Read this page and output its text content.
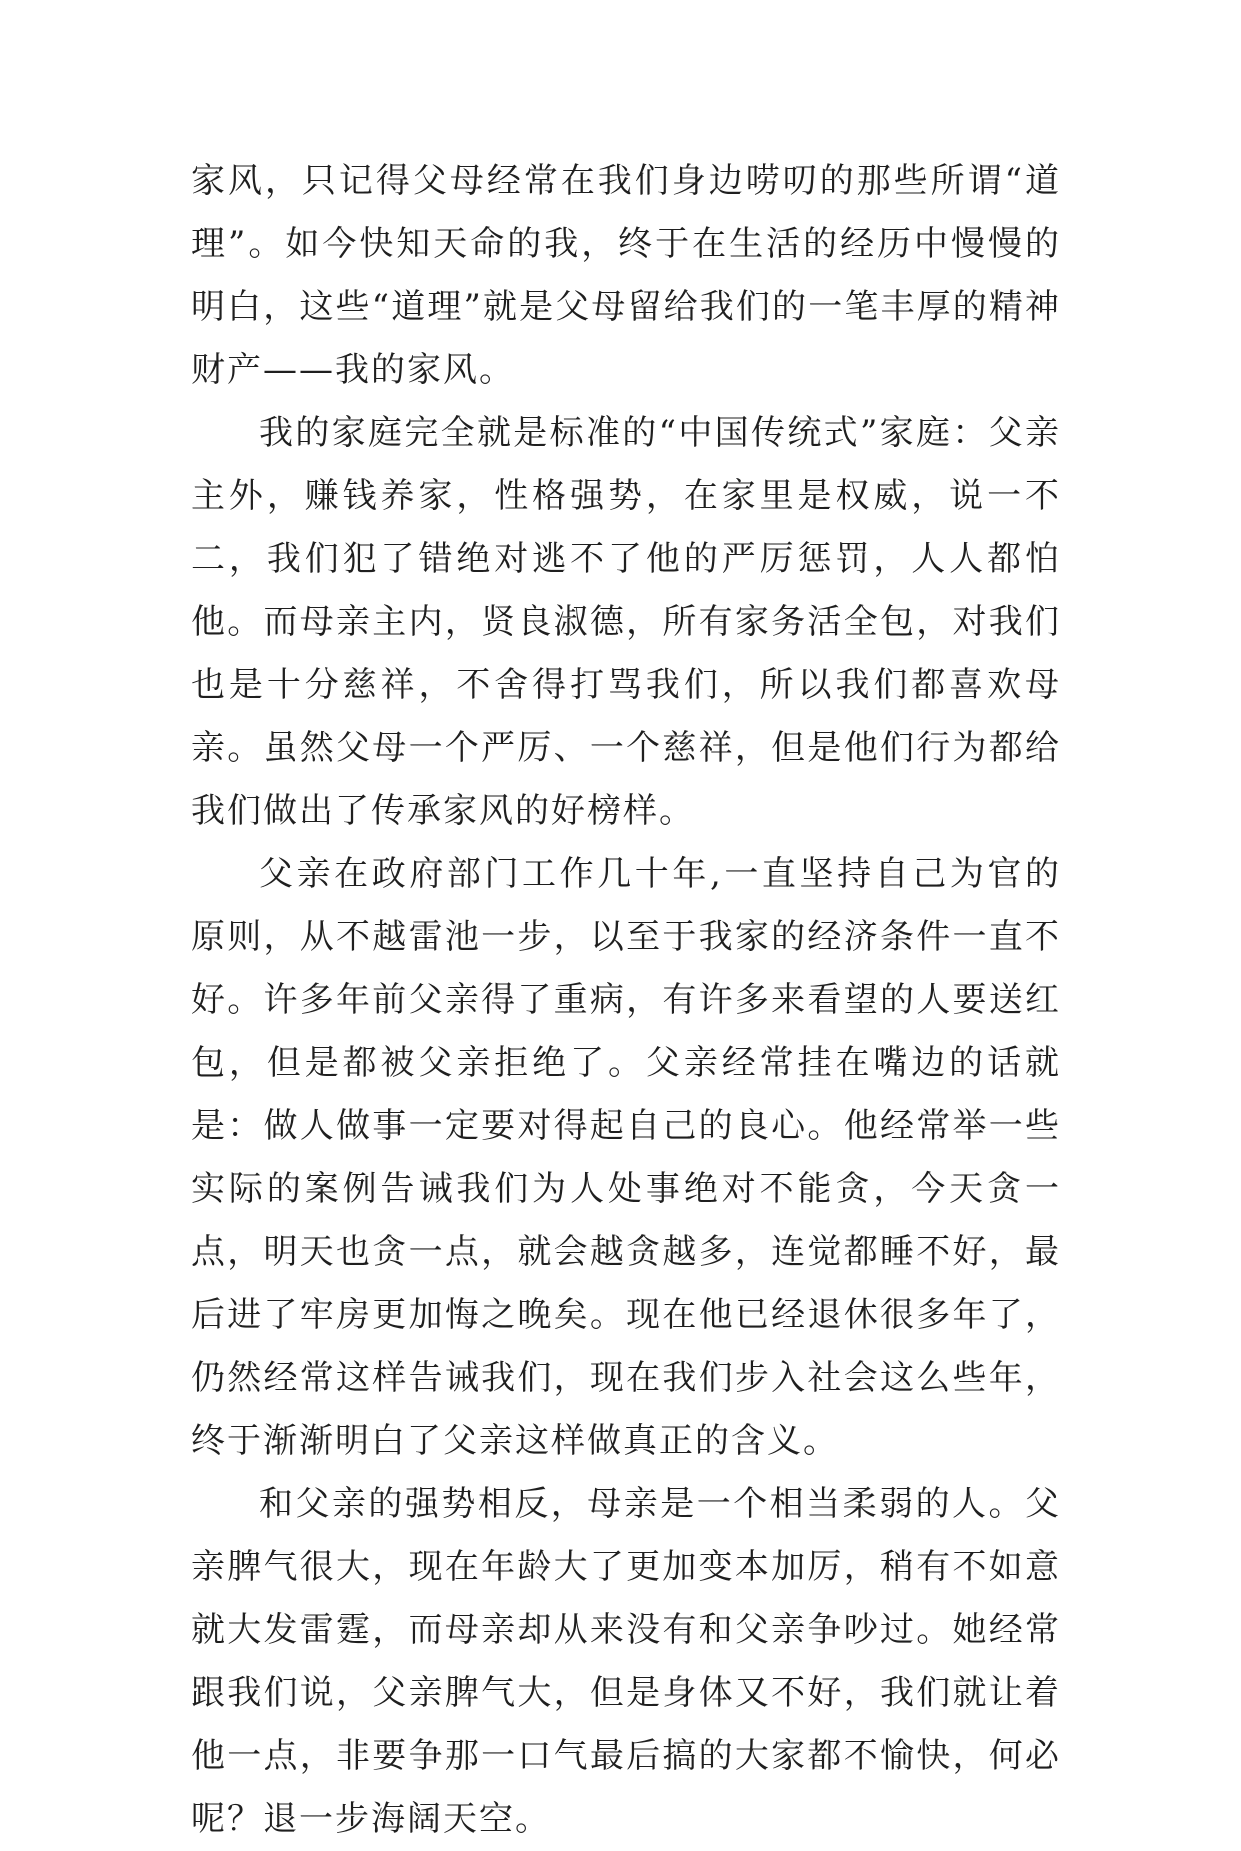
家风，只记得父母经常在我们身边唠叨的那些所谓“道理”。如今快知天命的我，终于在生活的经历中慢慢的明白，这些“道理”就是父母留给我们的一笔丰厚的精神财产——我的家风。

我的家庭完全就是标准的“中国传统式”家庭：父亲主外，赚钱养家，性格强势，在家里是权威，说一不二，我们犯了错绝对逃不了他的严厉惩罚，人人都怕他。而母亲主内，贤良淑德，所有家务活全包，对我们也是十分慈祥，不舍得打骂我们，所以我们都喜欢母亲。虽然父母一个严厉、一个慈祥，但是他们行为都给我们做出了传承家风的好榜样。

父亲在政府部门工作几十年,一直坚持自己为官的原则，从不越雷池一步，以至于我家的经济条件一直不好。许多年前父亲得了重病，有许多来看望的人要送红包，但是都被父亲拒绝了。父亲经常挂在嘴边的话就是：做人做事一定要对得起自己的良心。他经常举一些实际的案例告诫我们为人处事绝对不能贪，今天贪一点，明天也贪一点，就会越贪越多，连觉都睡不好，最后进了牢房更加悔之晚矣。现在他已经退休很多年了，仍然经常这样告诫我们，现在我们步入社会这么些年，终于渐渐明白了父亲这样做真正的含义。

和父亲的强势相反，母亲是一个相当柔弱的人。父亲脾气很大，现在年龄大了更加变本加厉，稍有不如意就大发雷霆，而母亲却从来没有和父亲争吵过。她经常跟我们说，父亲脾气大，但是身体又不好，我们就让着他一点，非要争那一口气最后搞的大家都不愉快，何必呢？退一步海阔天空。
